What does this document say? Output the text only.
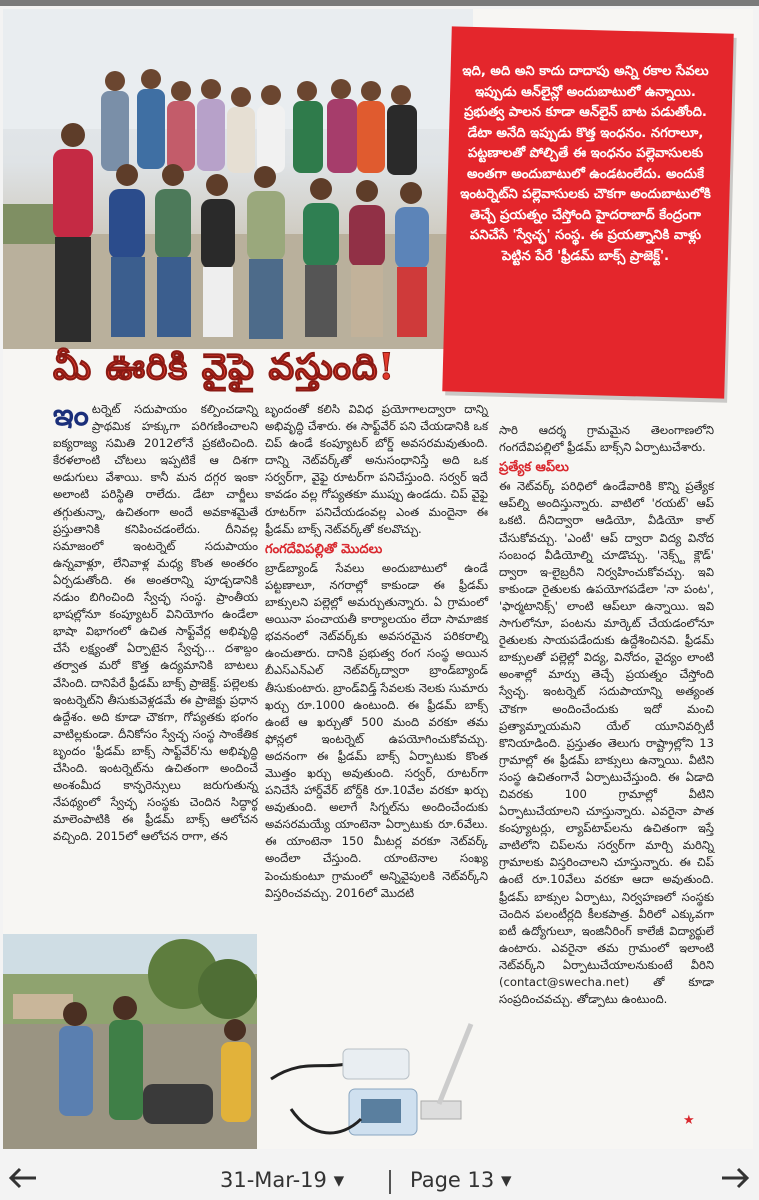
మీ ఊరికి వైఫై వస్తుంది!
ఇంటర్నెట్ సదుపాయం కల్పించడాన్ని ప్రాథమిక హక్కుగా పరిగణించాలని ఐక్యరాజ్య సమితి 2012లోనే ప్రకటించింది. కేరళలాంటి చోటలు ఇప్పటికే ఆ దిశగా అడుగులు వేశాయి. కానీ మన దగ్గర ఇంకా అలాంటి పరిస్థితి రాలేదు. డేటా చార్జీలు తగ్గుతున్నా, ఉచితంగా అందే అవకాశమైతే ప్రస్తుతానికి కనిపించడంలేదు. దీనివల్ల సమాజంలో ఇంటర్నెట్ సదుపాయం ఉన్నవాళ్లూ, లేనివాళ్ల మధ్య కొంత అంతరం ఏర్పడుతోంది. ఈ అంతరాన్ని పూడ్చడానికి నడుం బిగించింది స్వేచ్ఛ సంస్థ. ప్రాంతీయ భాషల్లోనూ కంప్యూటర్ వినియోగం ఉండేలా భాషా విభాగంలో ఉచిత సాఫ్ట్‌వేర్ల అభివృద్ధి చేసే లక్ష్యంతో ఏర్పాటైన స్వేచ్ఛ... దశాబ్దం తర్వాత మరో కొత్త ఉద్యమానికి బాటలు వేసింది. దానిపేరే ఫ్రీడమ్ బాక్స్ ప్రాజెక్ట్. పల్లెలకు ఇంటర్నెట్‌ని తీసుకువెళ్లడమే ఈ ప్రాజెక్టు ప్రధాన ఉద్దేశం. అది కూడా చౌకగా, గోప్యతకు భంగం వాటిల్లకుండా. దీనికోసం స్వేచ్ఛ సంస్థ సాంకేతిక బృందం 'ఫ్రీడమ్ బాక్స్ సాఫ్ట్‌వేర్‌'ను అభివృద్ధి చేసింది. ఇంటర్నెట్‌ను ఉచితంగా అందించే అంశంమీద కాన్ఫరెన్సులు జరుగుతున్న నేపథ్యంలో స్వేచ్ఛ సంస్థకు చెందిన సిద్ధార్థ మాలెంపాటికి ఈ ఫ్రీడమ్ బాక్స్ ఆలోచన వచ్చింది. 2015లో ఆలోచన రాగా, తన
బృందంతో కలిసి వివిధ ప్రయోగాలద్వారా దాన్ని అభివృద్ధి చేశారు. ఈ సాఫ్ట్‌వేర్ పని చేయడానికి ఒక చిప్ ఉండే కంప్యూటర్ బోర్డ్ అవసరమవుతుంది. దాన్ని నెట్‌వర్క్‌తో అనుసంధానిస్తే అది ఒక సర్వర్‌గా, వైఫై రూటర్‌గా పనిచేస్తుంది. సర్వర్ ఇదే కావడం వల్ల గోప్యతకూ ముప్పు ఉండదు. చిప్ వైఫై రూటర్‌గా పనిచేయడంవల్ల ఎంత మందైనా ఈ ఫ్రీడమ్ బాక్స్ నెట్‌వర్క్‌తో కలవొచ్చు.
గంగదేవిపల్లితో మొదలు
బ్రాడ్‌బ్యాండ్ సేవలు అందుబాటులో ఉండే పట్టణాలూ, నగరాల్లో కాకుండా ఈ ఫ్రీడమ్ బాక్సులని పల్లెల్లో అమర్చుతున్నారు. ఏ గ్రామంలో అయినా పంచాయతీ కార్యాలయం లేదా సామాజిక భవనంలో నెట్‌వర్క్‌కు అవసరమైన పరికరాల్ని ఉంచుతారు. దానికి ప్రభుత్వ రంగ సంస్థ అయిన బీఎస్‌ఎన్‌ఎల్ నెట్‌వర్క్‌ద్వారా బ్రాండ్‌బ్యాండ్ తీసుకుంటారు. బ్రాండ్‌విడ్త్ సేవలకు నెలకు సుమారు ఖర్చు రూ.1000 ఉంటుంది. ఈ ఫ్రీడమ్ బాక్స్ ఉంటే ఆ ఖర్చుతో 500 మంది వరకూ తమ ఫోన్లలో ఇంటర్నెట్ ఉపయోగించుకోవచ్చు. అదనంగా ఈ ఫ్రీడమ్ బాక్స్ ఏర్పాటుకు కొంత మొత్తం ఖర్చు అవుతుంది. సర్వర్, రూటర్‌గా పనిచేసే హార్డ్‌వేర్ బోర్డ్‌కి రూ.10వేల వరకూ ఖర్చు అవుతుంది. అలాగే సిగ్నల్‌ను అందించేందుకు అవసరమయ్యే యాంటెనా ఏర్పాటుకు రూ.6వేలు. ఈ యాంటెనా 150 మీటర్ల వరకూ నెట్‌వర్క్ అందేలా చేస్తుంది. యాంటెనాల సంఖ్య పెంచుకుంటూ గ్రామంలో అన్నివైపులకి నెట్‌వర్క్‌ని విస్తరించవచ్చు. 2016లో మొదటి
సారి ఆదర్శ గ్రామమైన తెలంగాణలోని గంగదేవిపల్లిలో ఫ్రీడమ్ బాక్స్‌ని ఏర్పాటుచేశారు.
ప్రత్యేక ఆప్‌లు
ఈ నెట్‌వర్క్ పరిధిలో ఉండేవారికి కొన్ని ప్రత్యేక ఆప్‌ల్ని అందిస్తున్నారు. వాటిలో 'రయట్' ఆప్ ఒకటి. దీనిద్వారా ఆడియో, వీడియో కాల్ చేసుకోవచ్చు. 'ఎంటీ' ఆప్ ద్వారా విద్య వినోద సంబంధ వీడియోల్ని చూడొచ్చు. 'నెక్స్ట్ క్లౌడ్' ద్వారా ఇ-లైబ్రరీని నిర్వహించుకోవచ్చు. ఇవి కాకుండా రైతులకు ఉపయోగపడేలా 'నా పంట', 'ఫార్మటానిక్స్' లాంటి ఆప్‌లూ ఉన్నాయి. ఇవి సాగులోనూ, పంటను మార్కెట్ చేయడంలోనూ రైతులకు సాయపడేందుకు ఉద్దేశించినవి. ఫ్రీడమ్ బాక్సులతో పల్లెల్లో విద్య, వినోదం, వైద్యం లాంటి అంశాల్లో మార్పు తెచ్చే ప్రయత్నం చేస్తోంది స్వేచ్ఛ. ఇంటర్నెట్ సదుపాయాన్ని అత్యంత చౌకగా అందించేందుకు ఇదో మంచి ప్రత్యామ్నాయమని యేల్ యూనివర్సిటీ కొనియాడింది. ప్రస్తుతం తెలుగు రాష్ట్రాల్లోని 13 గ్రామాల్లో ఈ ఫ్రీడమ్ బాక్సులు ఉన్నాయి. వీటిని సంస్థ ఉచితంగానే ఏర్పాటుచేస్తుంది. ఈ ఏడాది చివరకు 100 గ్రామాల్లో వీటిని ఏర్పాటుచేయాలని చూస్తున్నారు. ఎవరైనా పాత కంప్యూటర్లు, ల్యాప్‌టాప్‌లను ఉచితంగా ఇస్తే వాటిలోని చిప్‌లను సర్వర్‌గా మార్చి మరిన్ని గ్రామాలకు విస్తరించాలని చూస్తున్నారు. ఈ చిప్ ఉంటే రూ.10వేలు వరకూ ఆదా అవుతుంది. ఫ్రీడమ్ బాక్సుల ఏర్పాటు, నిర్వహణలో సంస్థకు చెందిన పలంటీర్లది కీలకపాత్ర. వీరిలో ఎక్కువగా ఐటీ ఉద్యోగులూ, ఇంజినీరింగ్ కాలేజీ విద్యార్థులే ఉంటారు. ఎవరైనా తమ గ్రామంలో ఇలాంటి నెట్‌వర్క్‌ని ఏర్పాటుచేయాలనుకుంటే వీరిని (contact@swecha.net) తో కూడా సంప్రదించవచ్చు. తోడ్పాటు ఉంటుంది.
★
ఇది, అది అని కాదు దాదాపు అన్ని రకాల సేవలు ఇప్పుడు ఆన్‌లైన్లో అందుబాటులో ఉన్నాయి. ప్రభుత్వ పాలన కూడా ఆన్‌లైన్ బాట పడుతోంది. డేటా అనేది ఇప్పుడు కొత్త ఇంధనం. నగరాలూ, పట్టణాలతో పోల్చితే ఈ ఇంధనం పల్లెవాసులకు అంతగా అందుబాటులో ఉండటంలేదు. అందుకే ఇంటర్నెట్‌ని పల్లెవాసులకు చౌకగా అందుబాటులోకి తెచ్చే ప్రయత్నం చేస్తోంది హైదరాబాద్ కేంద్రంగా పనిచేసే 'స్వేచ్ఛ' సంస్థ. ఈ ప్రయత్నానికి వాళ్లు పెట్టిన పేరే 'ఫ్రీడమ్ బాక్స్ ప్రాజెక్ట్'.
31-Mar-19 ▾	Page 13 ▾
